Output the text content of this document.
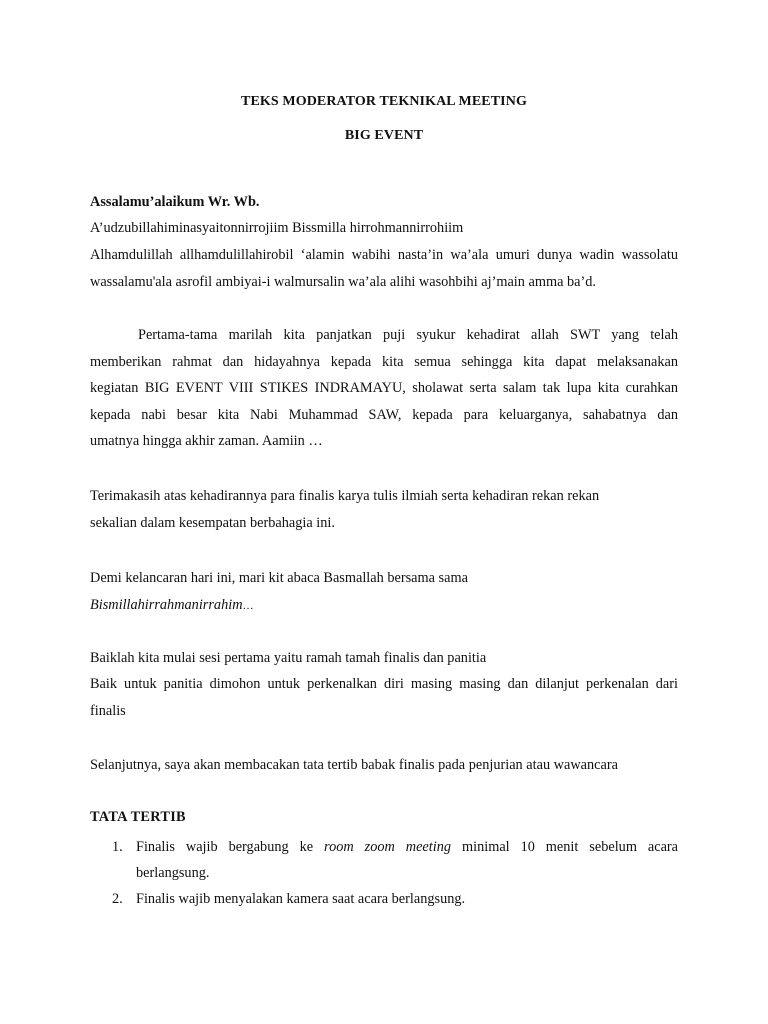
TEKS MODERATOR TEKNIKAL MEETING
BIG EVENT
Assalamu’alaikum Wr. Wb.
A’udzubillahiminasyaitonnirrojiim Bissmilla hirrohmannirrohiim
Alhamdulillah allhamdulillahirobil ‘alamin wabihi nasta’in wa’ala umuri dunya wadin wassolatu
wassalamu'ala asrofil ambiyai-i walmursalin wa’ala alihi wasohbihi aj’main amma ba’d.
Pertama-tama marilah kita panjatkan puji syukur kehadirat allah SWT yang telah
memberikan rahmat dan hidayahnya kepada kita semua sehingga kita dapat melaksanakan
kegiatan BIG EVENT VIII STIKES INDRAMAYU, sholawat serta salam tak lupa kita curahkan
kepada nabi besar kita Nabi Muhammad SAW, kepada para keluarganya, sahabatnya dan
umatnya hingga akhir zaman. Aamiin …
Terimakasih atas kehadirannya para finalis karya tulis ilmiah serta kehadiran rekan rekan
sekalian dalam kesempatan berbahagia ini.
Demi kelancaran hari ini, mari kit abaca Basmallah bersama sama
Bismillahirrahmanirrahim…
Baiklah kita mulai sesi pertama yaitu ramah tamah finalis dan panitia
Baik untuk panitia dimohon untuk perkenalkan diri masing masing dan dilanjut perkenalan dari
finalis
Selanjutnya, saya akan membacakan tata tertib babak finalis pada penjurian atau wawancara
TATA TERTIB
1. Finalis wajib bergabung ke room zoom meeting minimal 10 menit sebelum acara
berlangsung.
2. Finalis wajib menyalakan kamera saat acara berlangsung.
